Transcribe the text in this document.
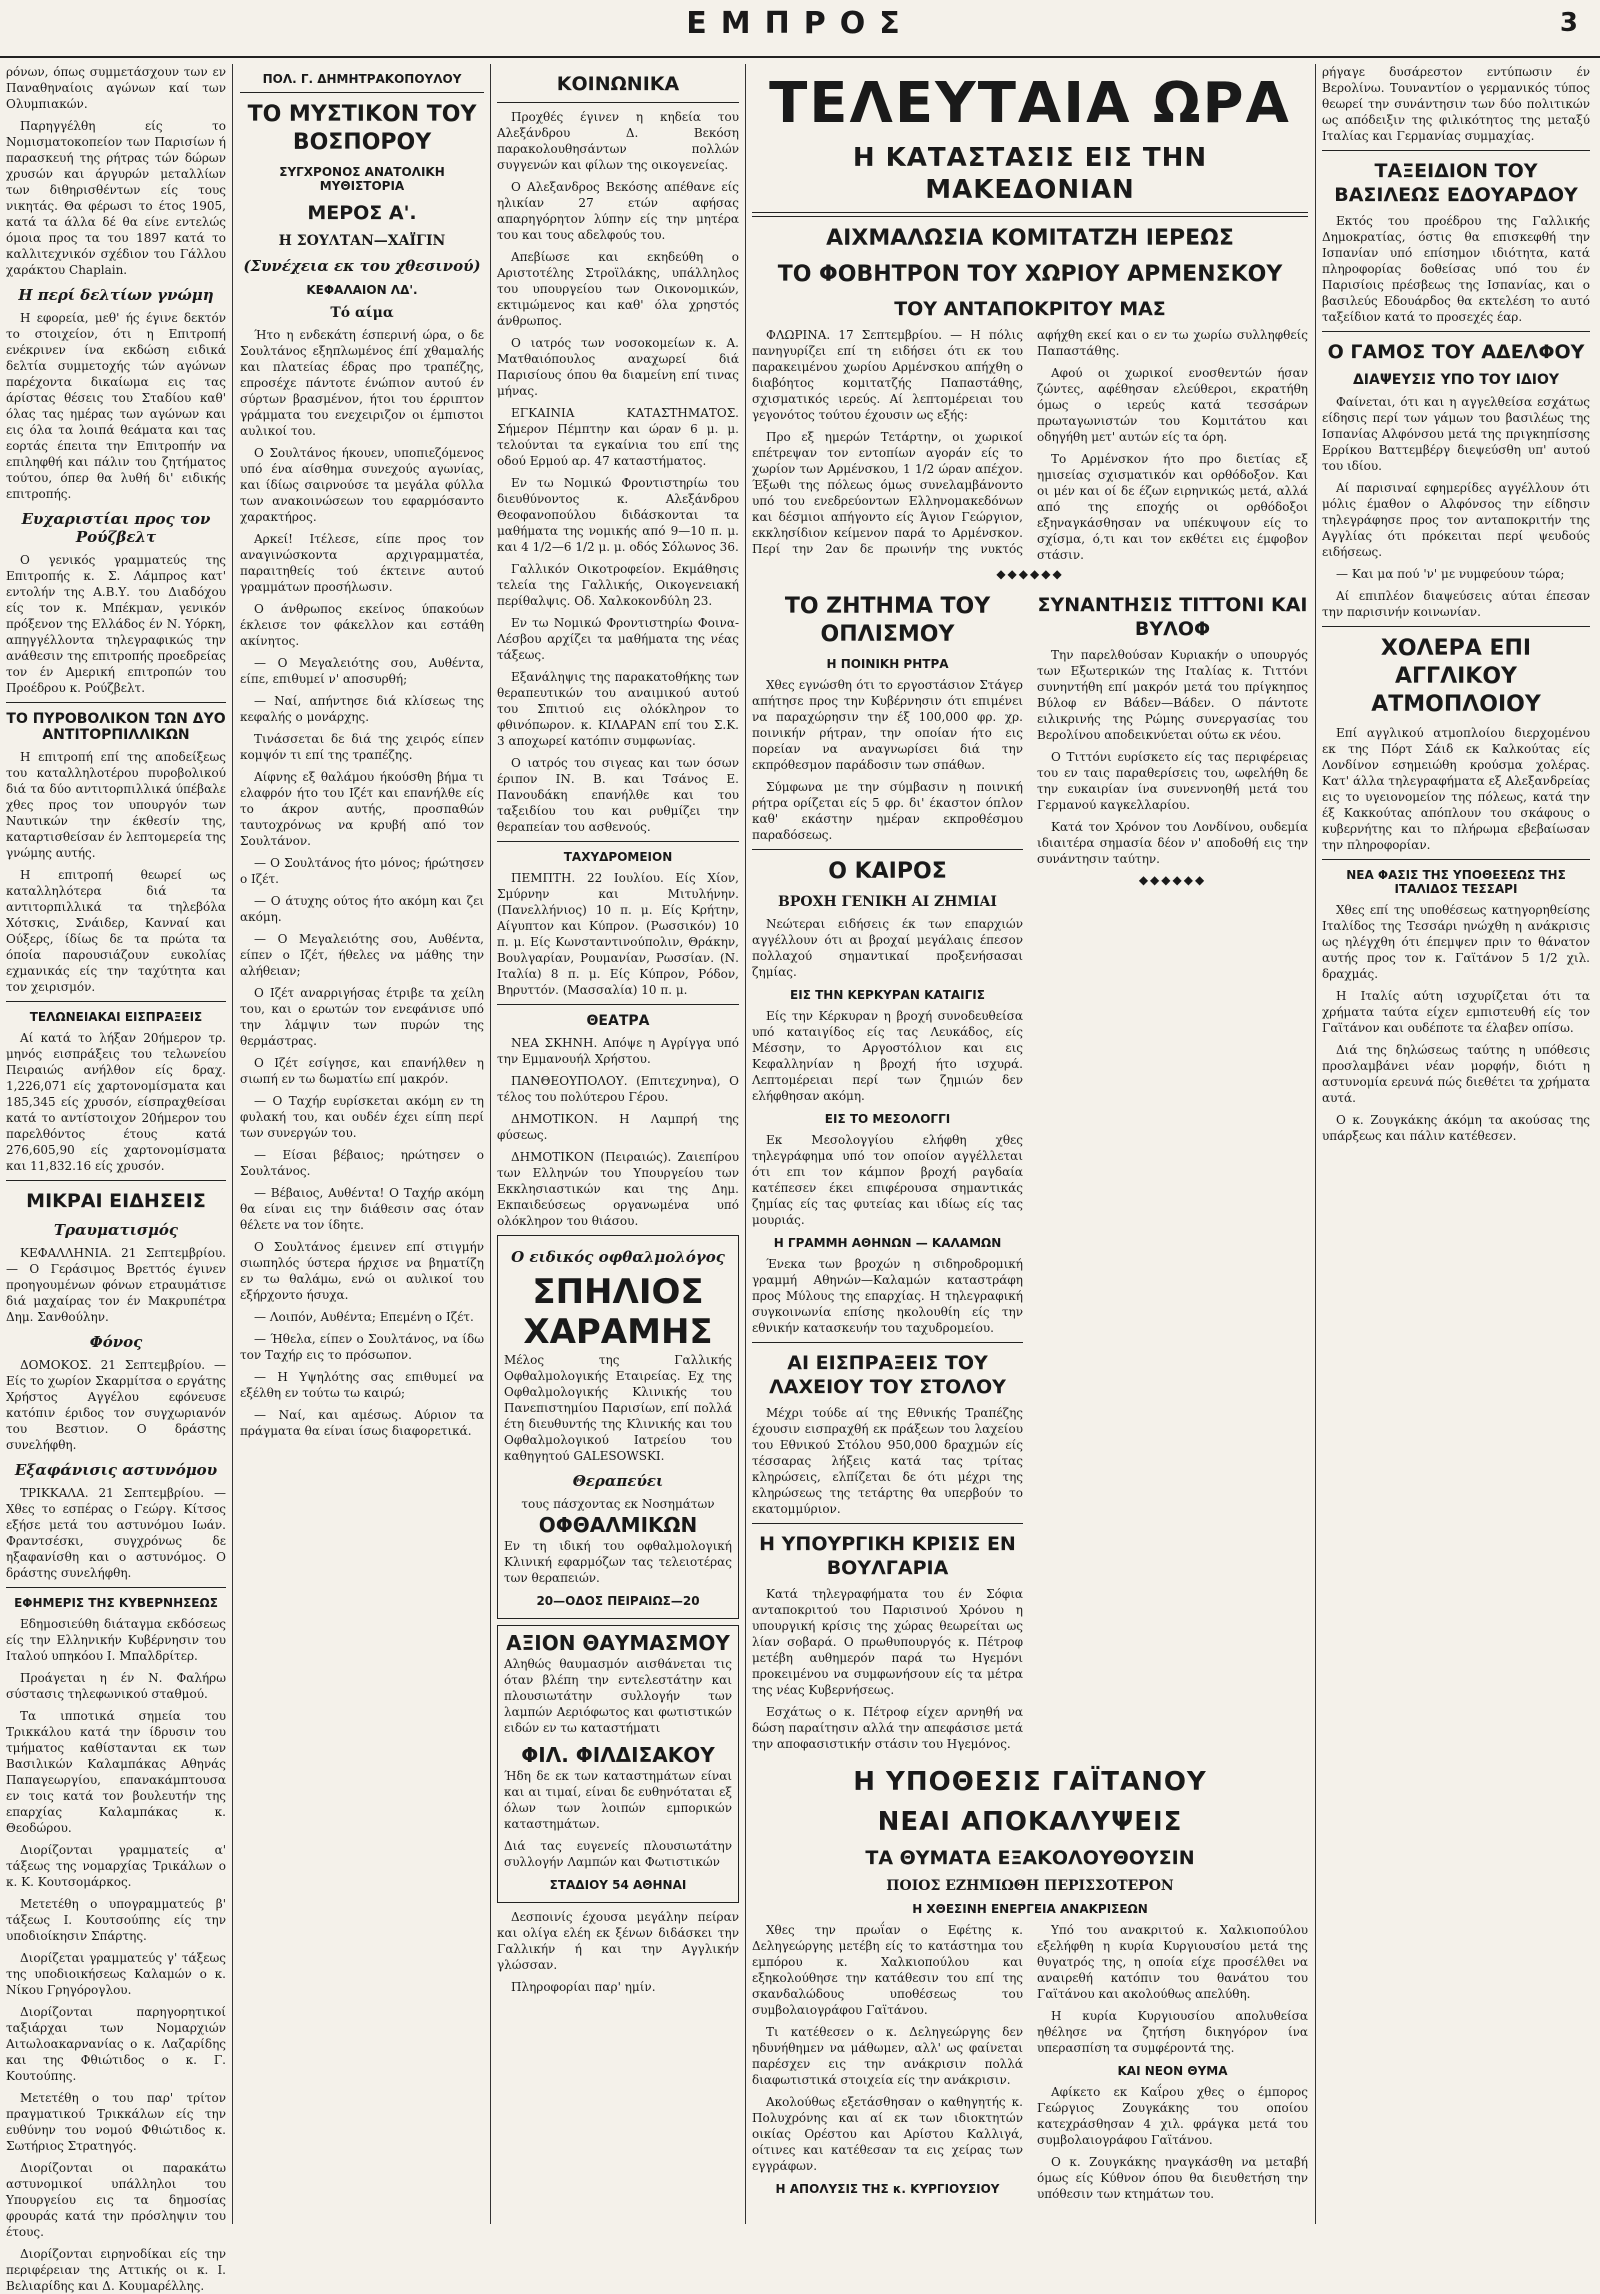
ΕΜΠΡΟΣ	3

ρόνων, όπως συμμετάσχουν των εν Παναθηναίοις αγώνων καί των Ολυμπιακών.

Παρηγγέλθη είς το Νομισματοκοπείον των Παρισίων ή παρασκευή της ρήτρας τών δώρων χρυσών και άργυρών μεταλλίων των διθηρισθέντων είς τους νικητάς. Θα φέρωσι το έτος 1905, κατά τα άλλα δέ θα είνε εντελώς όμοια προς τα του 1897 κατά το καλλιτεχνικόν σχέδιον του Γάλλου χαράκτου Chaplain.

Η περί δελτίων γνώμη

Η εφορεία, μεθ' ής έγινε δεκτόν το στοιχείον, ότι η Επιτροπή ενέκρινεν ίνα εκδώση ειδικά δελτία συμμετοχής τών αγώνων παρέχοντα δικαίωμα εις τας άρίστας θέσεις του Σταδίου καθ' όλας τας ημέρας των αγώνων και εις όλα τα λοιπά θεάματα και τας εορτάς έπειτα την Επιτροπήν να επιληφθή και πάλιν του ζητήματος τούτου, όπερ θα λυθή δι' ειδικής επιτροπής.

Ευχαριστίαι προς τον Ρούζβελτ

Ο γενικός γραμματεύς της Επιτροπής κ. Σ. Λάμπρος κατ' εντολήν της Α.Β.Υ. του Διαδόχου είς τον κ. Μπέκμαν, γενικόν πρόξενον της Ελλάδος έν Ν. Υόρκη, απηγγέλλοντα τηλεγραφικώς την ανάθεσιν της επιτροπής προεδρείας τον έν Αμερική επιτροπών του Προέδρου κ. Ρούζβελτ.

ΤΟ ΠΥΡΟΒΟΛΙΚΟΝ ΤΩΝ ΔΥΟ ΑΝΤΙΤΟΡΠΙΛΛΙΚΩΝ

Η επιτροπή επί της αποδείξεως του καταλληλοτέρου πυροβολικού διά τα δύο αντιτορπιλλικά ύπέβαλε χθες προς τον υπουργόν των Ναυτικών την έκθεσίν της, καταρτισθείσαν έν λεπτομερεία της γνώμης αυτής.

Η επιτροπή θεωρεί ως καταλληλότερα διά τα αντιτορπιλλικά τα τηλεβόλα Χότσκις, Σνάιδερ, Κανναί και Ούξερς, ίδίως δε τα πρώτα τα όποία παρουσιάζουν ευκολίας εχμανικάς είς την ταχύτητα και τον χειρισμόν.

ΤΕΛΩΝΕΙΑΚΑΙ ΕΙΣΠΡΑΞΕΙΣ

Αί κατά το λήξαν 20ήμερον τρ. μηνός εισπράξεις του τελωνείου Πειραιώς ανήλθον είς δραχ. 1,226,071 είς χαρτονομίσματα και 185,345 είς χρυσόν, είσπραχθείσαι κατά το αντίστοιχον 20ήμερον του παρελθόντος έτους κατά 276,605,90 είς χαρτονομίσματα και 11,832.16 είς χρυσόν.

ΜΙΚΡΑΙ ΕΙΔΗΣΕΙΣ
Τραυματισμός

ΚΕΦΑΛΛΗΝΙΑ. 21 Σεπτεμβρίου. — Ο Γεράσιμος Βρεττός έγινεν προηγουμένων φόνων ετραυμάτισε διά μαχαίρας τον έν Μακρυπέτρα Δημ. Σανθούλην.

Φόνος

ΔΟΜΟΚΟΣ. 21 Σεπτεμβρίου. — Είς το χωρίον Σκαρμίτσα ο εργάτης Χρήστος Αγγέλου εφόνευσε κατόπιν έριδος τον συγχωριανόν του Βεστιον. Ο δράστης συνελήφθη.

Εξαφάνισις αστυνόμου

ΤΡΙΚΚΑΛΑ. 21 Σεπτεμβρίου. — Χθες το εσπέρας ο Γεώργ. Κίτσος εξήσε μετά του αστυνόμου Ιωάν. Φραντσέσκι, συγχρόνως δε ηξαφανίσθη και ο αστυνόμος. Ο δράστης συνελήφθη.

ΕΦΗΜΕΡΙΣ ΤΗΣ ΚΥΒΕΡΝΗΣΕΩΣ

Εδημοσιεύθη διάταγμα εκδόσεως είς την Ελληνικήν Κυβέρνησιν του Ιταλού υπηκόου Ι. Μπαλδρίτερ.

Προάγεται η έν Ν. Φαλήρω σύστασις τηλεφωνικού σταθμού.

Τα ιπποτικά σημεία του Τρικκάλου κατά την ίδρυσιν του τμήματος καθίστανται εκ των Βασιλικών Καλαμπάκας Αθηνάς Παπαγεωργίου, επανακάμπτουσα εν τοις κατά τον βουλευτήν της επαρχίας Καλαμπάκας κ. Θεοδώρου.

Διορίζονται γραμματείς α' τάξεως της νομαρχίας Τρικάλων ο κ. Κ. Κουτσομάρκος.

Μετετέθη ο υπογραμματεύς β' τάξεως Ι. Κουτσούπης είς την υποδιοίκησιν Σπάρτης.

Διορίζεται γραμματεύς γ' τάξεως της υποδιοικήσεως Καλαμών ο κ. Νίκου Γρηγόρογλου.

Διορίζονται παρηγορητικοί ταξιάρχαι των Νομαρχιών Αιτωλοακαρνανίας ο κ. Λαζαρίδης και της Φθιώτιδος ο κ. Γ. Κουτούπης.

Μετετέθη ο του παρ' τρίτον πραγματικού Τρικκάλων είς την ευθύνην του νομού Φθιώτιδος κ. Σωτήριος Στρατηγός.

Διορίζονται οι παρακάτω αστυνομικοί υπάλληλοι του Υπουργείου εις τα δημοσίας φρουράς κατά την πρόσληψιν του έτους.

Διορίζονται ειρηνοδίκαι είς την περιφέρειαν της Αττικής οι κ. Ι. Βελιαρίδης και Δ. Κουμαρέλλης.

ΠΟΛ. Γ. ΔΗΜΗΤΡΑΚΟΠΟΥΛΟΥ
ΤΟ ΜΥΣΤΙΚΟΝ ΤΟΥ ΒΟΣΠΟΡΟΥ
ΣΥΓΧΡΟΝΟΣ ΑΝΑΤΟΛΙΚΗ ΜΥΘΙΣΤΟΡΙΑ
ΜΕΡΟΣ Α'.
Η ΣΟΥΛΤΑΝ—ΧΑΪΓΙΝ
(Συνέχεια εκ του χθεσινού)
ΚΕΦΑΛΑΙΟΝ ΛΔ'.
Τό αίμα

Ήτο η ενδεκάτη έσπερινή ώρα, ο δε Σουλτάνος εξηπλωμένος έπί χθαμαλής και πλατείας έδρας προ τραπέζης, επροσέχε πάντοτε ένώπιον αυτού έν σύρτων βρασμένον, ήτοι του έρριπτον γράμματα του ενεχειριζον οι έμπιστοι αυλικοί του.

Ο Σουλτάνος ήκουεν, υποπιεζόμενος υπό ένα αίσθημα συνεχούς αγωνίας, και ίδίως σαιρνούσε τα μεγάλα φύλλα των ανακοινώσεων του εφαρμόσαντο χαρακτήρος.

Αρκεί! Ιτέλεσε, είπε προς τον αναγινώσκοντα αρχιγραμματέα, παραιτηθείς τού έκτεινε αυτού γραμμάτων προσήλωσιν.

Ο άνθρωπος εκείνος ύπακούων έκλεισε τον φάκελλον και εστάθη ακίνητος.

— Ο Μεγαλειότης σου, Αυθέντα, είπε, επιθυμεί ν' αποσυρθή;

— Ναί, απήντησε διά κλίσεως της κεφαλής ο μονάρχης.

Τινάσσεται δε διά της χειρός είπεν κομψόν τι επί της τραπέζης.

Αίφνης εξ θαλάμου ήκούσθη βήμα τι ελαφρόν ήτο του Ιζέτ και επανήλθε είς το άκρον αυτής, προσπαθών ταυτοχρόνως να κρυβή από τον Σουλτάνον.

— Ο Σουλτάνος ήτο μόνος; ήρώτησεν ο Ιζέτ.

— Ο άτυχης ούτος ήτο ακόμη και ζει ακόμη.

— Ο Μεγαλειότης σου, Αυθέντα, είπεν ο Ιζέτ, ήθελες να μάθης την αλήθειαν;

Ο Ιζέτ αναρριγήσας έτριβε τα χείλη του, και ο ερωτών τον ενεφάνισε υπό την λάμψιν των πυρών της θερμάστρας.

Ο Ιζέτ εσίγησε, και επανήλθεν η σιωπή εν τω δωματίω επί μακρόν.

— Ο Ταχήρ ευρίσκεται ακόμη εν τη φυλακή του, και ουδέν έχει είπη περί των συνεργών του.

— Είσαι βέβαιος; ηρώτησεν ο Σουλτάνος.

— Βέβαιος, Αυθέντα! Ο Ταχήρ ακόμη θα είναι εις την διάθεσιν σας όταν θέλετε να τον ίδητε.

Ο Σουλτάνος έμεινεν επί στιγμήν σιωπηλός ύστερα ήρχισε να βηματίζη εν τω θαλάμω, ενώ οι αυλικοί του εξήρχοντο ήσυχα.

— Λοιπόν, Αυθέντα; Επεμένη ο Ιζέτ.

— Ήθελα, είπεν ο Σουλτάνος, να ίδω τον Ταχήρ εις το πρόσωπον.

— Η Υψηλότης σας επιθυμεί να εξέλθη εν τούτω τω καιρώ;

— Ναί, και αμέσως. Αύριον τα πράγματα θα είναι ίσως διαφορετικά.

ΚΟΙΝΩΝΙΚΑ

Προχθές έγινεν η κηδεία του Αλεξάνδρου Δ. Βεκόση παρακολουθησάντων πολλών συγγενών και φίλων της οικογενείας.

Ο Αλεξανδρος Βεκόσης απέθανε είς ηλικίαν 27 ετών αφήσας απαρηγόρητον λύπην είς την μητέρα του και τους αδελφούς του.

Απεβίωσε και εκηδεύθη ο Αριστοτέλης Στροϊλάκης, υπάλληλος του υπουργείου των Οικονομικών, εκτιμώμενος και καθ' όλα χρηστός άνθρωπος.

Ο ιατρός των νοσοκομείων κ. Α. Ματθαιόπουλος αναχωρεί διά Παρισίους όπου θα διαμείνη επί τινας μήνας.

ΕΓΚΑΙΝΙΑ ΚΑΤΑΣΤΗΜΑΤΟΣ. Σήμερον Πέμπτην και ώραν 6 μ. μ. τελούνται τα εγκαίνια του επί της οδού Ερμού αρ. 47 καταστήματος.

Εν τω Νομικώ Φροντιστηρίω του διευθύνοντος κ. Αλεξάνδρου Θεοφανοπούλου διδάσκονται τα μαθήματα της νομικής από 9—10 π. μ. και 4 1/2—6 1/2 μ. μ. οδός Σόλωνος 36.

Γαλλικόν Οικοτροφείον. Εκμάθησις τελεία της Γαλλικής, Οικογενειακή περίθαλψις. Οδ. Χαλκοκονδύλη 23.

Εν τω Νομικώ Φροντιστηρίω Φοινα-Λέσβου αρχίζει τα μαθήματα της νέας τάξεως.

Εξανάληψις της παρακατοθήκης των θεραπευτικών του αναιμικού αυτού του Σπιτιού εις ολόκληρον το φθινόπωρον. κ. ΚΙΛΑΡΑΝ επί του Σ.Κ. 3 αποχωρεί κατόπιν συμφωνίας.

Ο ιατρός του σιγεας και των όσων έριπον ΙΝ. Β. και Τσάνος Ε. Πανουδάκη επανήλθε και του ταξειδίου του και ρυθμίζει την θεραπείαν του ασθενούς.

ΤΑΧΥΔΡΟΜΕΙΟΝ

ΠΕΜΠΤΗ. 22 Ιουλίου. Είς Χίον, Σμύρνην και Μιτυλήνην. (Πανελλήνιος) 10 π. μ. Είς Κρήτην, Αίγυπτον και Κύπρον. (Ρωσσικόν) 10 π. μ. Είς Κωνσταντινούπολιν, Θράκην, Βουλγαρίαν, Ρουμανίαν, Ρωσσίαν. (Ν. Ιταλία) 8 π. μ. Είς Κύπρον, Ρόδον, Βηρυττόν. (Μασσαλία) 10 π. μ.

ΘΕΑΤΡΑ

ΝΕΑ ΣΚΗΝΗ. Απόψε η Αγρίγγα υπό την Εμμανουήλ Χρήστου.

ΠΑΝΘΕΟΥΠΟΛΟΥ. (Επιτεχνηνα), Ο τέλος του πολύτερου Γέρου.

ΔΗΜΟΤΙΚΟΝ. Η Λαμπρή της φύσεως.

ΔΗΜΟΤΙΚΟΝ (Πειραιώς). Ζαιεπίρου των Ελληνών του Υπουργείου των Εκκλησιαστικών και της Δημ. Εκπαιδεύσεως οργανωμένα υπό ολόκληρον του θιάσου.

Ο ειδικός οφθαλμολόγος
ΣΠΗΛΙΟΣ
ΧΑΡΑΜΗΣ

Μέλος της Γαλλικής Οφθαλμολογικής Εταιρείας. Εχ της Οφθαλμολογικής Κλινικής του Πανεπιστημίου Παρισίων, επί πολλά έτη διευθυντής της Κλινικής και του Οφθαλμολογικού Ιατρείου του καθηγητού GALESOWSKI.

Θεραπεύει
τους πάσχοντας εκ Νοσημάτων
ΟΦΘΑΛΜΙΚΩΝ

Εν τη ιδική του οφθαλμολογική Κλινική εφαρμόζων τας τελειοτέρας των θεραπειών.

20—ΟΔΟΣ ΠΕΙΡΑΙΩΣ—20
ΑΞΙΟΝ ΘΑΥΜΑΣΜΟΥ

Αληθώς θαυμασμόν αισθάνεται τις όταν βλέπη την εντελεστάτην και πλουσιωτάτην συλλογήν των λαμπών Αεριόφωτος και φωτιστικών ειδών εν τω καταστήματι

ΦΙΛ. ΦΙΛΔΙΣΑΚΟΥ

Ήδη δε εκ των καταστημάτων είναι και αι τιμαί, είναι δε ευθηνόταται εξ όλων των λοιπών εμπορικών καταστημάτων.

Διά τας ευγενείς πλουσιωτάτην συλλογήν Λαμπών και Φωτιστικών

ΣΤΑΔΙΟΥ 54 ΑΘΗΝΑΙ

Δεσποινίς έχουσα μεγάλην πείραν και ολίγα ελέη εκ ξένων διδάσκει την Γαλλικήν ή και την Αγγλικήν γλώσσαν.

Πληροφορίαι παρ' ημίν.

ΤΕΛΕΥΤΑΙΑ ΩΡΑ
Η ΚΑΤΑΣΤΑΣΙΣ ΕΙΣ ΤΗΝ ΜΑΚΕΔΟΝΙΑΝ
ΑΙΧΜΑΛΩΣΙΑ ΚΟΜΙΤΑΤΖΗ ΙΕΡΕΩΣ
ΤΟ ΦΟΒΗΤΡΟΝ ΤΟΥ ΧΩΡΙΟΥ ΑΡΜΕΝΣΚΟΥ
ΤΟΥ ΑΝΤΑΠΟΚΡΙΤΟΥ ΜΑΣ

ΦΛΩΡΙΝΑ. 17 Σεπτεμβρίου. — Η πόλις πανηγυρίζει επί τη ειδήσει ότι εκ του παρακειμένου χωρίου Αρμένσκου απήχθη ο διαβόητος κομιτατζής Παπαστάθης, σχισματικός ιερεύς. Αί λεπτομέρειαι του γεγονότος τούτου έχουσιν ως εξής:

Προ εξ ημερών Τετάρτην, οι χωρικοί επέτρεψαν τον εντοπίων αγοράν είς το χωρίον των Αρμένσκου, 1 1/2 ώραν απέχον. Έξωθι της πόλεως όμως συνελαμβάνοντο υπό του ενεδρεύοντων Ελληνομακεδόνων και δέσμιοι απήγοντο είς Άγιον Γεώργιον, εκκλησίδιον κείμενον παρά το Αρμένσκον. Περί την 2αν δε πρωινήν της νυκτός αφήχθη εκεί και ο εν τω χωρίω συλληφθείς Παπαστάθης.

Αφού οι χωρικοί ενοσθεντών ήσαν ζώντες, αφέθησαν ελεύθεροι, εκρατήθη όμως ο ιερεύς κατά τεσσάρων πρωταγωνιστών του Κομιτάτου και οδηγήθη μετ' αυτών είς τα όρη.

Το Αρμένσκον ήτο προ διετίας εξ ημισείας σχισματικόν και ορθόδοξον. Και οι μέν και οί δε έζων ειρηνικώς μετά, αλλά από της εποχής οι ορθόδοξοι εξηναγκάσθησαν να υπέκυψουν είς το σχίσμα, ό,τι και τον εκθέτει εις έμφοβον στάσιν.

◆◆◆◆◆◆
ΤΟ ΖΗΤΗΜΑ ΤΟΥ ΟΠΛΙΣΜΟΥ
Η ΠΟΙΝΙΚΗ ΡΗΤΡΑ

Χθες εγνώσθη ότι το εργοστάσιον Στάγερ απήτησε προς την Κυβέρνησιν ότι επιμένει να παραχώρησιν την έξ 100,000 φρ. χρ. ποινικήν ρήτραν, την οποίαν ήτο εις πορείαν να αναγνωρίσει διά την εκπρόθεσμον παράδοσιν των σπάθων.

Σύμφωνα με την σύμβασιν η ποινική ρήτρα ορίζεται είς 5 φρ. δι' έκαστον όπλον καθ' εκάστην ημέραν εκπροθέσμου παραδόσεως.

Ο ΚΑΙΡΟΣ
ΒΡΟΧΗ ΓΕΝΙΚΗ ΑΙ ΖΗΜΙΑΙ

Νεώτεραι ειδήσεις έκ των επαρχιών αγγέλλουν ότι αι βροχαί μεγάλαις έπεσον πολλαχού σημαντικαί προξενήσασαι ζημίας.

ΕΙΣ ΤΗΝ ΚΕΡΚΥΡΑΝ ΚΑΤΑΙΓΙΣ

Είς την Κέρκυραν η βροχή συνοδευθείσα υπό καταιγίδος είς τας Λευκάδος, είς Μέσσην, το Αργοστόλιον και εις Κεφαλληνίαν η βροχή ήτο ισχυρά. Λεπτομέρειαι περί των ζημιών δεν ελήφθησαν ακόμη.

ΕΙΣ ΤΟ ΜΕΣΟΛΟΓΓΙ

Εκ Μεσολογγίου ελήφθη χθες τηλεγράφημα υπό τον οποίον αγγέλλεται ότι επι τον κάμπον βροχή ραγδαία κατέπεσεν έκει επιφέρουσα σημαντικάς ζημίας είς τας φυτείας και ιδίως είς τας μουριάς.

Η ΓΡΑΜΜΗ ΑΘΗΝΩΝ — ΚΑΛΑΜΩΝ

Ένεκα των βροχών η σιδηροδρομική γραμμή Αθηνών—Καλαμών καταστράφη προς Μύλους της επαρχίας. Η τηλεγραφική συγκοινωνία επίσης ηκολουθίη είς την εθνικήν κατασκευήν του ταχυδρομείου.

ΑΙ ΕΙΣΠΡΑΞΕΙΣ ΤΟΥ ΛΑΧΕΙΟΥ ΤΟΥ ΣΤΟΛΟΥ

Μέχρι τούδε αί της Εθνικής Τραπέζης έχουσιν εισπραχθή εκ πράξεων του λαχείου του Εθνικού Στόλου 950,000 δραχμών είς τέσσαρας λήξεις κατά τας τρίτας κληρώσεις, ελπίζεται δε ότι μέχρι της κληρώσεως της τετάρτης θα υπερβούν το εκατομμύριον.

Η ΥΠΟΥΡΓΙΚΗ ΚΡΙΣΙΣ ΕΝ ΒΟΥΛΓΑΡΙΑ

Κατά τηλεγραφήματα του έν Σόφια ανταποκριτού του Παρισινού Χρόνου η υπουργική κρίσις της χώρας θεωρείται ως λίαν σοβαρά. Ο πρωθυπουργός κ. Πέτροφ μετέβη αυθημερόν παρά τω Ηγεμόνι προκειμένου να συμφωνήσουν είς τα μέτρα της νέας Κυβερνήσεως.

Εσχάτως ο κ. Πέτροφ είχεν αρνηθή να δώση παραίτησιν αλλά την απεφάσισε μετά την αποφασιστικήν στάσιν του Ηγεμόνος.

ΣΥΝΑΝΤΗΣΙΣ ΤΙΤΤΟΝΙ ΚΑΙ ΒΥΛΟΦ

Την παρελθούσαν Κυριακήν ο υπουργός των Εξωτερικών της Ιταλίας κ. Τιττόνι συνηντήθη επί μακρόν μετά του πρίγκηπος Βύλοφ εν Βάδεν—Βάδεν. Ο πάντοτε ειλικρινής της Ρώμης συνεργασίας του Βερολίνου αποδεικνύεται ούτω εκ νέου.

Ο Τιττόνι ευρίσκετο είς τας περιφέρειας του εν ταις παραθερίσεις του, ωφελήθη δε την ευκαιρίαν ίνα συνεννοηθή μετά του Γερμανού καγκελλαρίου.

Κατά τον Χρόνον του Λονδίνου, ουδεμία ιδιαιτέρα σημασία δέον ν' αποδοθή εις την συνάντησιν ταύτην.

◆◆◆◆◆◆
Η ΥΠΟΘΕΣΙΣ ΓΑΪΤΑΝΟΥ
ΝΕΑΙ ΑΠΟΚΑΛΥΨΕΙΣ
ΤΑ ΘΥΜΑΤΑ ΕΞΑΚΟΛΟΥΘΟΥΣΙΝ
ΠΟΙΟΣ ΕΖΗΜΙΩΘΗ ΠΕΡΙΣΣΟΤΕΡΟΝ
Η ΧΘΕΣΙΝΗ ΕΝΕΡΓΕΙΑ ΑΝΑΚΡΙΣΕΩΝ

Χθες την πρωΐαν ο Εφέτης κ. Δεληγεώργης μετέβη είς το κατάστημα του εμπόρου κ. Χαλκιοπούλου και εξηκολούθησε την κατάθεσιν του επί της σκανδαλώδους υποθέσεως του συμβολαιογράφου Γαϊτάνου.

Τι κατέθεσεν ο κ. Δεληγεώργης δεν ηδυνήθημεν να μάθωμεν, αλλ' ως φαίνεται παρέσχεν εις την ανάκρισιν πολλά διαφωτιστικά στοιχεία είς την ανάκρισιν.

Ακολούθως εξετάσθησαν ο καθηγητής κ. Πολυχρόνης και αί εκ των ιδιοκτητών οικίας Ορέστου και Αρίστου Καλλιγά, οίτινες και κατέθεσαν τα εις χείρας των εγγράφων.

Η ΑΠΟΛΥΣΙΣ ΤΗΣ κ. ΚΥΡΓΙΟΥΣΙΟΥ

Υπό του ανακριτού κ. Χαλκιοπούλου εξελήφθη η κυρία Κυργιουσίου μετά της θυγατρός της, η οποία είχε προσέλθει να αναιρεθή κατόπιν του θανάτου του Γαϊτάνου και ακολούθως απελύθη.

Η κυρία Κυργιουσίου απολυθείσα ηθέλησε να ζητήση δικηγόρον ίνα υπερασπίση τα συμφέροντά της.

ΚΑΙ ΝΕΟΝ ΘΥΜΑ

Αφίκετο εκ Καΐρου χθες ο έμπορος Γεώργιος Ζουγκάκης του οποίου κατεχράσθησαν 4 χιλ. φράγκα μετά του συμβολαιογράφου Γαϊτάνου.

Ο κ. Ζουγκάκης ηναγκάσθη να μεταβή όμως είς Κύθνον όπου θα διευθετήση την υπόθεσιν των κτημάτων του.

ρήγαγε δυσάρεστον εντύπωσιν έν Βερολίνω. Τουναντίον ο γερμανικός τύπος θεωρεί την συνάντησιν των δύο πολιτικών ως απόδειξιν της φιλικότητος της μεταξύ Ιταλίας και Γερμανίας συμμαχίας.

ΤΑΞΕΙΔΙΟΝ ΤΟΥ ΒΑΣΙΛΕΩΣ ΕΔΟΥΑΡΔΟΥ

Εκτός του προέδρου της Γαλλικής Δημοκρατίας, όστις θα επισκεφθή την Ισπανίαν υπό επίσημον ιδιότητα, κατά πληροφορίας δοθείσας υπό του έν Παρισίοις πρέσβεως της Ισπανίας, και ο βασιλεύς Εδουάρδος θα εκτελέση το αυτό ταξείδιον κατά το προσεχές έαρ.

Ο ΓΑΜΟΣ ΤΟΥ ΑΔΕΛΦΟΥ
ΔΙΑΨΕΥΣΙΣ ΥΠΟ ΤΟΥ ΙΔΙΟΥ

Φαίνεται, ότι και η αγγελθείσα εσχάτως είδησις περί των γάμων του βασιλέως της Ισπανίας Αλφόνσου μετά της πριγκηπίσσης Ερρίκου Βαττεμβέργ διεψεύσθη υπ' αυτού του ιδίου.

Αί παρισιναί εφημερίδες αγγέλλουν ότι μόλις έμαθον ο Αλφόνσος την είδησιν τηλεγράφησε προς τον ανταποκριτήν της Αγγλίας ότι πρόκειται περί ψευδούς ειδήσεως.

— Και μα πού 'ν' με νυμφεύουν τώρα;

Αί επιπλέον διαψεύσεις αύται έπεσαν την παρισινήν κοινωνίαν.

ΧΟΛΕΡΑ ΕΠΙ ΑΓΓΛΙΚΟΥ ΑΤΜΟΠΛΟΙΟΥ

Επί αγγλικού ατμοπλοίου διερχομένου εκ της Πόρτ Σάιδ εκ Καλκούτας είς Λονδίνον εσημειώθη κρούσμα χολέρας. Κατ' άλλα τηλεγραφήματα εξ Αλεξανδρείας εις το υγειονομείον της πόλεως, κατά την έξ Κακκούτας απόπλουν του σκάφους ο κυβερνήτης και το πλήρωμα εβεβαίωσαν την πληροφορίαν.

ΝΕΑ ΦΑΣΙΣ ΤΗΣ ΥΠΟΘΕΣΕΩΣ ΤΗΣ ΙΤΑΛΙΔΟΣ ΤΕΣΣΑΡΙ

Χθες επί της υποθέσεως κατηγορηθείσης Ιταλίδος της Τεσσάρι ηνώχθη η ανάκρισις ως ηλέγχθη ότι έπεμψεν πριν το θάνατον αυτής προς τον κ. Γαϊτάνον 5 1/2 χιλ. δραχμάς.

Η Ιταλίς αύτη ισχυρίζεται ότι τα χρήματα ταύτα είχεν εμπιστευθή είς τον Γαϊτάνον και ουδέποτε τα έλαβεν οπίσω.

Διά της δηλώσεως ταύτης η υπόθεσις προσλαμβάνει νέαν μορφήν, διότι η αστυνομία ερευνά πώς διεθέτει τα χρήματα αυτά.

Ο κ. Ζουγκάκης άκόμη τα ακούσας της υπάρξεως και πάλιν κατέθεσεν.
